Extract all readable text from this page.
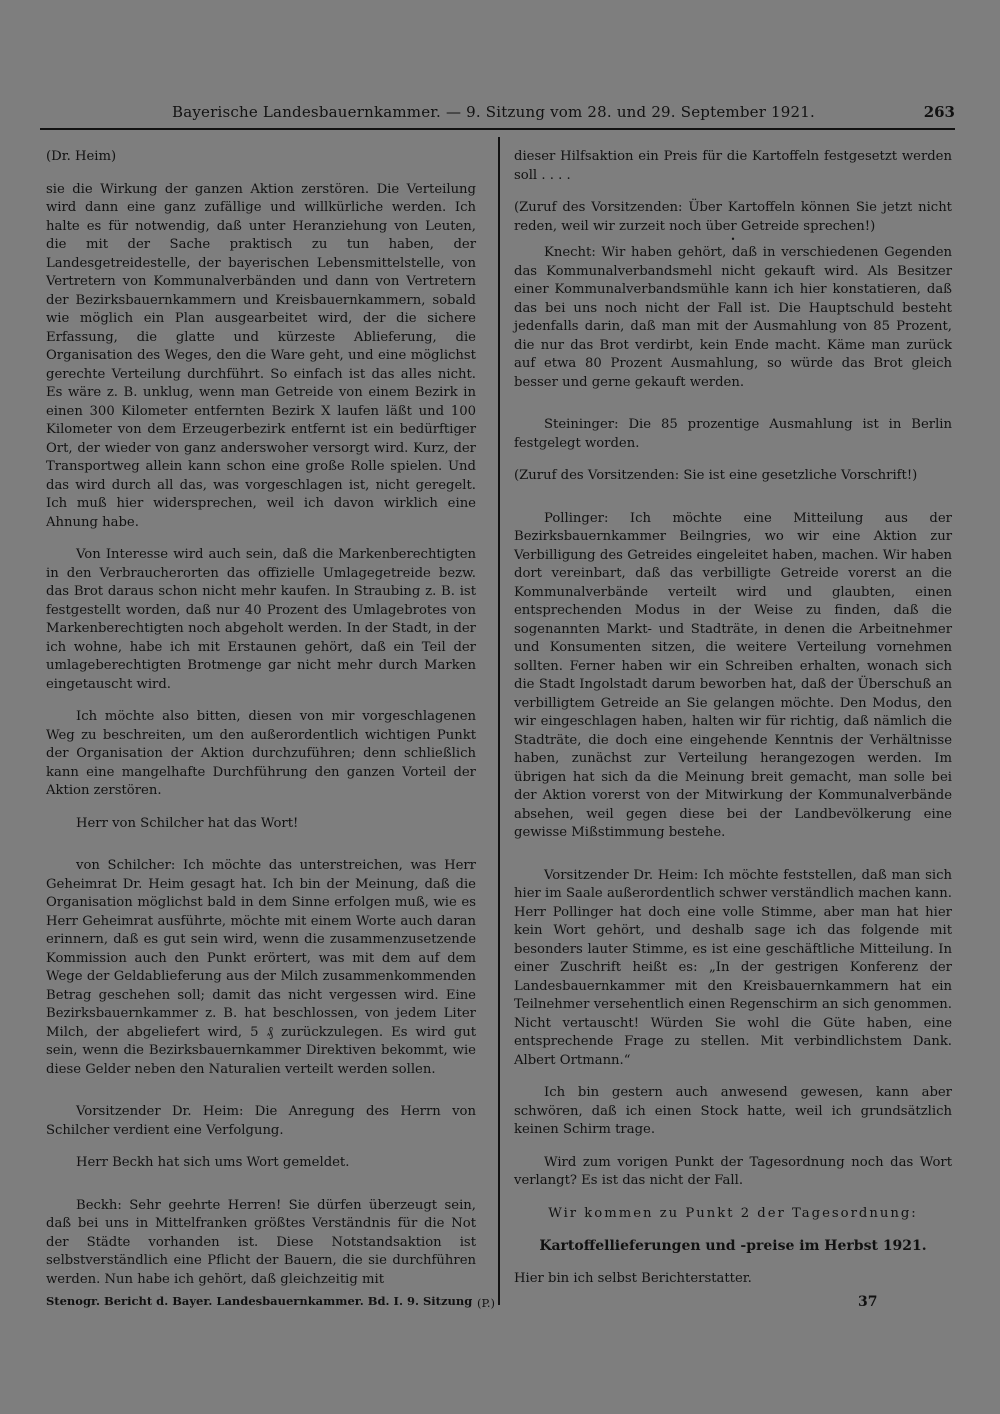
Bayerische Landesbauernkammer. — 9. Sitzung vom 28. und 29. September 1921.	263

(Dr. Heim)

sie die Wirkung der ganzen Aktion zerstören. Die Verteilung wird dann eine ganz zufällige und willkürliche werden. Ich halte es für notwendig, daß unter Heranziehung von Leuten, die mit der Sache praktisch zu tun haben, der Landesgetreidestelle, der bayerischen Lebensmittelstelle, von Vertretern von Kommunalverbänden und dann von Vertretern der Bezirksbauernkammern und Kreisbauernkammern, sobald wie möglich ein Plan ausgearbeitet wird, der die sichere Erfassung, die glatte und kürzeste Ablieferung, die Organisation des Weges, den die Ware geht, und eine möglichst gerechte Verteilung durchführt. So einfach ist das alles nicht. Es wäre z. B. unklug, wenn man Getreide von einem Bezirk in einen 300 Kilometer entfernten Bezirk X laufen läßt und 100 Kilometer von dem Erzeugerbezirk entfernt ist ein bedürftiger Ort, der wieder von ganz anderswoher versorgt wird. Kurz, der Transportweg allein kann schon eine große Rolle spielen. Und das wird durch all das, was vorgeschlagen ist, nicht geregelt. Ich muß hier widersprechen, weil ich davon wirklich eine Ahnung habe.

Von Interesse wird auch sein, daß die Markenberechtigten in den Verbraucherorten das offizielle Umlagegetreide bezw. das Brot daraus schon nicht mehr kaufen. In Straubing z. B. ist festgestellt worden, daß nur 40 Prozent des Umlagebrotes von Markenberechtigten noch abgeholt werden. In der Stadt, in der ich wohne, habe ich mit Erstaunen gehört, daß ein Teil der umlageberechtigten Brotmenge gar nicht mehr durch Marken eingetauscht wird.

Ich möchte also bitten, diesen von mir vorgeschlagenen Weg zu beschreiten, um den außerordentlich wichtigen Punkt der Organisation der Aktion durchzuführen; denn schließlich kann eine mangelhafte Durchführung den ganzen Vorteil der Aktion zerstören.

Herr von Schilcher hat das Wort!

von Schilcher: Ich möchte das unterstreichen, was Herr Geheimrat Dr. Heim gesagt hat. Ich bin der Meinung, daß die Organisation möglichst bald in dem Sinne erfolgen muß, wie es Herr Geheimrat ausführte, möchte mit einem Worte auch daran erinnern, daß es gut sein wird, wenn die zusammenzusetzende Kommission auch den Punkt erörtert, was mit dem auf dem Wege der Geldablieferung aus der Milch zusammenkommenden Betrag geschehen soll; damit das nicht vergessen wird. Eine Bezirksbauernkammer z. B. hat beschlossen, von jedem Liter Milch, der abgeliefert wird, 5 ₰ zurückzulegen. Es wird gut sein, wenn die Bezirksbauernkammer Direktiven bekommt, wie diese Gelder neben den Naturalien verteilt werden sollen.

Vorsitzender Dr. Heim: Die Anregung des Herrn von Schilcher verdient eine Verfolgung.

Herr Beckh hat sich ums Wort gemeldet.

Beckh: Sehr geehrte Herren! Sie dürfen überzeugt sein, daß bei uns in Mittelfranken größtes Verständnis für die Not der Städte vorhanden ist. Diese Notstandsaktion ist selbstverständlich eine Pflicht der Bauern, die sie durchführen werden. Nun habe ich gehört, daß gleichzeitig mit

dieser Hilfsaktion ein Preis für die Kartoffeln festgesetzt werden soll . . . .

(Zuruf des Vorsitzenden: Über Kartoffeln können Sie jetzt nicht reden, weil wir zurzeit noch über Getreide sprechen!)

•

Knecht: Wir haben gehört, daß in verschiedenen Gegenden das Kommunalverbandsmehl nicht gekauft wird. Als Besitzer einer Kommunalverbandsmühle kann ich hier konstatieren, daß das bei uns noch nicht der Fall ist. Die Hauptschuld besteht jedenfalls darin, daß man mit der Ausmahlung von 85 Prozent, die nur das Brot verdirbt, kein Ende macht. Käme man zurück auf etwa 80 Prozent Ausmahlung, so würde das Brot gleich besser und gerne gekauft werden.

Steininger: Die 85 prozentige Ausmahlung ist in Berlin festgelegt worden.

(Zuruf des Vorsitzenden: Sie ist eine gesetzliche Vorschrift!)

Pollinger: Ich möchte eine Mitteilung aus der Bezirksbauernkammer Beilngries, wo wir eine Aktion zur Verbilligung des Getreides eingeleitet haben, machen. Wir haben dort vereinbart, daß das verbilligte Getreide vorerst an die Kommunalverbände verteilt wird und glaubten, einen entsprechenden Modus in der Weise zu finden, daß die sogenannten Markt- und Stadträte, in denen die Arbeitnehmer und Konsumenten sitzen, die weitere Verteilung vornehmen sollten. Ferner haben wir ein Schreiben erhalten, wonach sich die Stadt Ingolstadt darum beworben hat, daß der Überschuß an verbilligtem Getreide an Sie gelangen möchte. Den Modus, den wir eingeschlagen haben, halten wir für richtig, daß nämlich die Stadträte, die doch eine eingehende Kenntnis der Verhältnisse haben, zunächst zur Verteilung herangezogen werden. Im übrigen hat sich da die Meinung breit gemacht, man solle bei der Aktion vorerst von der Mitwirkung der Kommunalverbände absehen, weil gegen diese bei der Landbevölkerung eine gewisse Mißstimmung bestehe.

Vorsitzender Dr. Heim: Ich möchte feststellen, daß man sich hier im Saale außerordentlich schwer verständlich machen kann. Herr Pollinger hat doch eine volle Stimme, aber man hat hier kein Wort gehört, und deshalb sage ich das folgende mit besonders lauter Stimme, es ist eine geschäftliche Mitteilung. In einer Zuschrift heißt es: „In der gestrigen Konferenz der Landesbauernkammer mit den Kreisbauernkammern hat ein Teilnehmer versehentlich einen Regenschirm an sich genommen. Nicht vertauscht! Würden Sie wohl die Güte haben, eine entsprechende Frage zu stellen. Mit verbindlichstem Dank. Albert Ortmann.“

Ich bin gestern auch anwesend gewesen, kann aber schwören, daß ich einen Stock hatte, weil ich grundsätzlich keinen Schirm trage.

Wird zum vorigen Punkt der Tagesordnung noch das Wort verlangt? Es ist das nicht der Fall.

Wir kommen zu Punkt 2 der Tagesordnung:

Kartoffellieferungen und -preise im Herbst 1921.

Hier bin ich selbst Berichterstatter.

Stenogr. Bericht d. Bayer. Landesbauernkammer. Bd. I. 9. Sitzung (P.)	37
